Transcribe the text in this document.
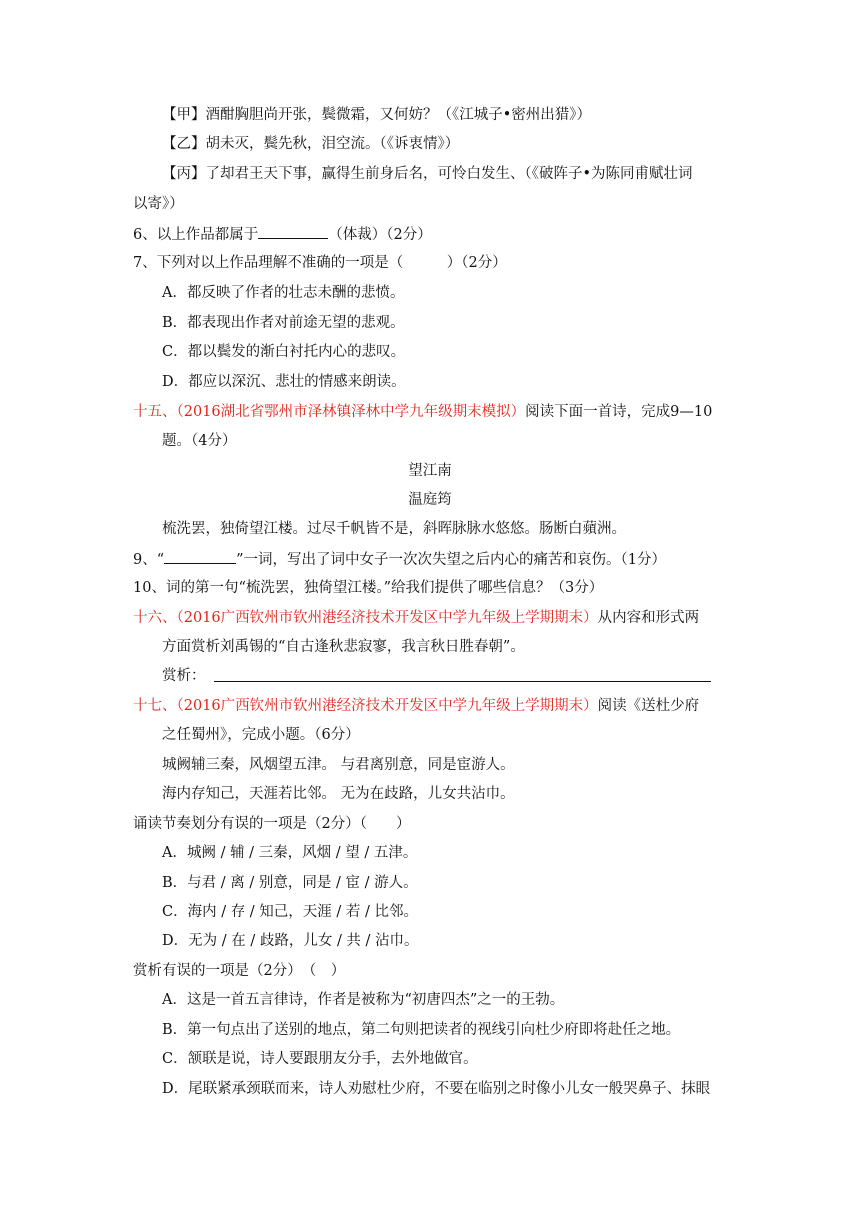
【甲】酒酣胸胆尚开张，鬓微霜，又何妨？（《江城子•密州出猎》）
【乙】胡未灭，鬓先秋，泪空流。（《诉衷情》）
【丙】了却君王天下事，赢得生前身后名，可怜白发生、（《破阵子•为陈同甫赋壮词
以寄》）
6、以上作品都属于	（体裁）（2分）
7、下列对以上作品理解不准确的一项是（　　　）（2分）
A．都反映了作者的壮志未酬的悲愤。
B．都表现出作者对前途无望的悲观。
C．都以鬓发的渐白衬托内心的悲叹。
D．都应以深沉、悲壮的情感来朗读。
十五、（2016湖北省鄂州市泽林镇泽林中学九年级期末模拟）阅读下面一首诗，完成9—10
题。（4分）
望江南
温庭筠
梳洗罢，独倚望江楼。过尽千帆皆不是，斜晖脉脉水悠悠。肠断白蘋洲。
9、“	”一词，写出了词中女子一次次失望之后内心的痛苦和哀伤。（1分）
10、词的第一句“梳洗罢，独倚望江楼。”给我们提供了哪些信息？（3分）
十六、（2016广西钦州市钦州港经济技术开发区中学九年级上学期期末）从内容和形式两
方面赏析刘禹锡的“自古逢秋悲寂寥，我言秋日胜春朝”。
赏析：
十七、（2016广西钦州市钦州港经济技术开发区中学九年级上学期期末）阅读《送杜少府
之任蜀州》，完成小题。（6分）
城阙辅三秦，风烟望五津。 与君离别意，同是宦游人。
海内存知己，天涯若比邻。 无为在歧路，儿女共沾巾。
诵读节奏划分有误的一项是（2分）（　　）
A．城阙 / 辅 / 三秦，风烟 / 望 / 五津。
B．与君 / 离 / 别意，同是 / 宦 / 游人。
C．海内 / 存 / 知己，天涯 / 若 / 比邻。
D．无为 / 在 / 歧路，儿女 / 共 / 沾巾。
赏析有误的一项是（2分）　（　）
A．这是一首五言律诗，作者是被称为“初唐四杰”之一的王勃。
B．第一句点出了送别的地点，第二句则把读者的视线引向杜少府即将赴任之地。
C．颔联是说，诗人要跟朋友分手，去外地做官。
D．尾联紧承颈联而来，诗人劝慰杜少府，不要在临别之时像小儿女一般哭鼻子、抹眼
